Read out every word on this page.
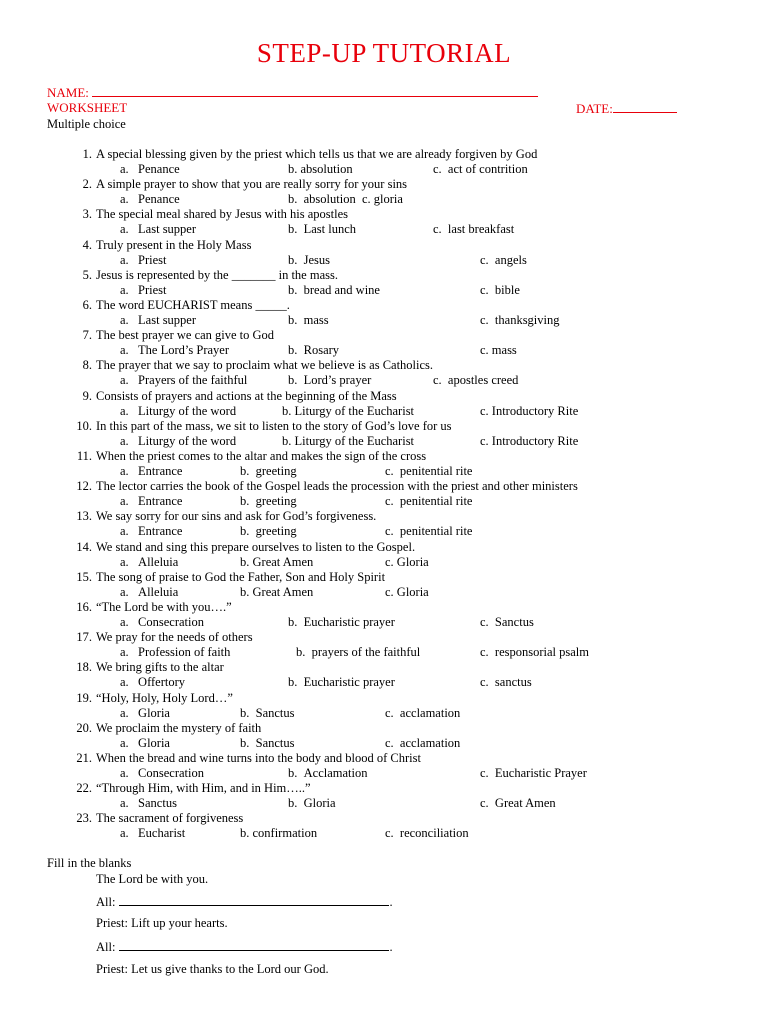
STEP-UP TUTORIAL
NAME:
WORKSHEET	DATE:
Multiple choice
1. A special blessing given by the priest which tells us that we are already forgiven by God
a.   Penance	b. absolution	c.  act of contrition
2. A simple prayer to show that you are really sorry for your sins
a.   Penance	b.  absolution  c. gloria
3. The special meal shared by Jesus with his apostles
a.   Last supper	b.  Last lunch	c.  last breakfast
4. Truly present in the Holy Mass
a.   Priest	b.  Jesus	c.  angels
5. Jesus is represented by the _______ in the mass.
a.   Priest	b.  bread and wine	c.  bible
6. The word EUCHARIST means _____.
a.   Last supper	b.  mass	c.  thanksgiving
7. The best prayer we can give to God
a.   The Lord’s Prayer	b.  Rosary	c. mass
8. The prayer that we say to proclaim what we believe is as Catholics.
a.   Prayers of the faithful	b.  Lord’s prayer	c.  apostles creed
9. Consists of prayers and actions at the beginning of the Mass
a.   Liturgy of the word	b. Liturgy of the Eucharist	c. Introductory Rite
10. In this part of the mass, we sit to listen to the story of God’s love for us
a.   Liturgy of the word	b. Liturgy of the Eucharist	c. Introductory Rite
11. When the priest comes to the altar and makes the sign of the cross
a.   Entrance	b.  greeting	c.  penitential rite
12. The lector carries the book of the Gospel leads the procession with the priest and other ministers
a.   Entrance	b.  greeting	c.  penitential rite
13. We say sorry for our sins and ask for God’s forgiveness.
a.   Entrance	b.  greeting	c.  penitential rite
14. We stand and sing this prepare ourselves to listen to the Gospel.
a.   Alleluia	b. Great Amen	c. Gloria
15. The song of praise to God the Father, Son and Holy Spirit
a.   Alleluia	b. Great Amen	c. Gloria
16. “The Lord be with you….”
a.   Consecration	b.  Eucharistic prayer	c.  Sanctus
17. We pray for the needs of others
a.   Profession of faith	b.  prayers of the faithful	c.  responsorial psalm
18. We bring gifts to the altar
a.   Offertory	b.  Eucharistic prayer	c.  sanctus
19. “Holy, Holy, Holy Lord…”
a.   Gloria	b.  Sanctus	c.  acclamation
20. We proclaim the mystery of faith
a.   Gloria	b.  Sanctus	c.  acclamation
21. When the bread and wine turns into the body and blood of Christ
a.   Consecration	b.  Acclamation	c.  Eucharistic Prayer
22. “Through Him, with Him, and in Him…..”
a.   Sanctus	b.  Gloria	c.  Great Amen
23. The sacrament of forgiveness
a.   Eucharist	b. confirmation	c.  reconciliation
Fill in the blanks
The Lord be with you.
All:	.
Priest: Lift up your hearts.
All:	.
Priest: Let us give thanks to the Lord our God.
